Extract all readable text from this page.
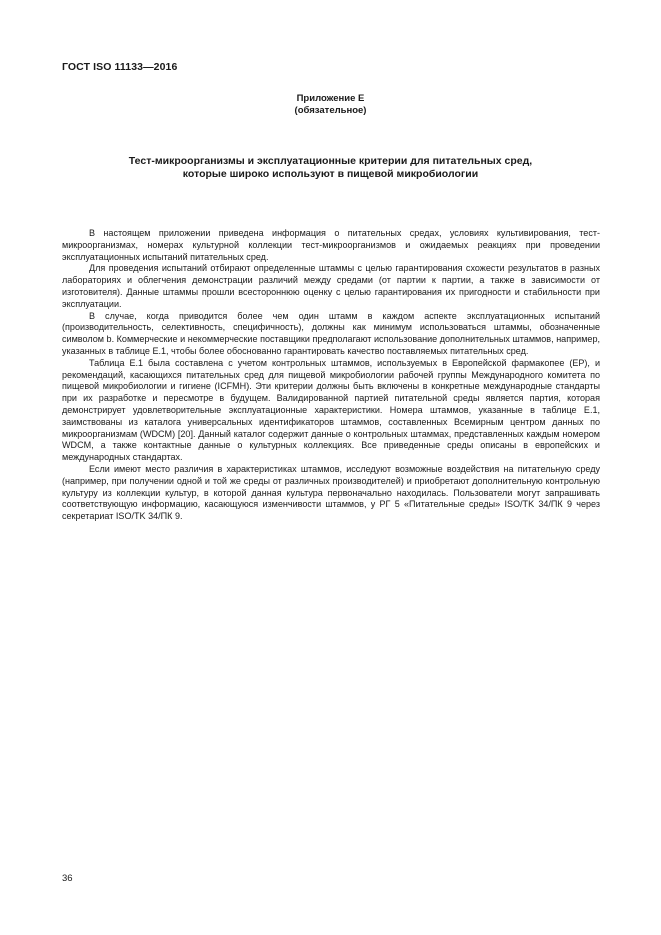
ГОСТ ISO 11133—2016
Приложение Е
(обязательное)
Тест-микроорганизмы и эксплуатационные критерии для питательных сред,
которые широко используют в пищевой микробиологии

В настоящем приложении приведена информация о питательных средах, условиях культивирования, тест-микроорганизмах, номерах культурной коллекции тест-микроорганизмов и ожидаемых реакциях при проведении эксплуатационных испытаний питательных сред.

Для проведения испытаний отбирают определенные штаммы с целью гарантирования схожести результатов в разных лабораториях и облегчения демонстрации различий между средами (от партии к партии, а также в зависимости от изготовителя). Данные штаммы прошли всестороннюю оценку с целью гарантирования их пригодности и стабильности при эксплуатации.

В случае, когда приводится более чем один штамм в каждом аспекте эксплуатационных испытаний (производительность, селективность, специфичность), должны как минимум использоваться штаммы, обозначенные символом b. Коммерческие и некоммерческие поставщики предполагают использование дополнительных штаммов, например, указанных в таблице Е.1, чтобы более обоснованно гарантировать качество поставляемых питательных сред.

Таблица Е.1 была составлена с учетом контрольных штаммов, используемых в Европейской фармакопее (ЕР), и рекомендаций, касающихся питательных сред для пищевой микробиологии рабочей группы Международного комитета по пищевой микробиологии и гигиене (ICFMH). Эти критерии должны быть включены в конкретные международные стандарты при их разработке и пересмотре в будущем. Валидированной партией питательной среды является партия, которая демонстрирует удовлетворительные эксплуатационные характеристики. Номера штаммов, указанные в таблице Е.1, заимствованы из каталога универсальных идентификаторов штаммов, составленных Всемирным центром данных по микроорганизмам (WDCM) [20]. Данный каталог содержит данные о контрольных штаммах, представленных каждым номером WDCM, а также контактные данные о культурных коллекциях. Все приведенные среды описаны в европейских и международных стандартах.

Если имеют место различия в характеристиках штаммов, исследуют возможные воздействия на питательную среду (например, при получении одной и той же среды от различных производителей) и приобретают дополнительную контрольную культуру из коллекции культур, в которой данная культура первоначально находилась. Пользователи могут запрашивать соответствующую информацию, касающуюся изменчивости штаммов, у РГ 5 «Питательные среды» ISO/TK 34/ПК 9 через секретариат ISO/TK 34/ПК 9.

36
